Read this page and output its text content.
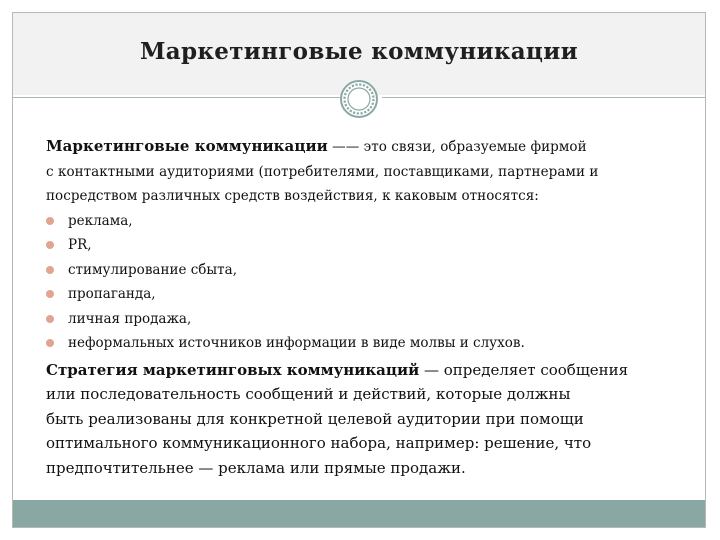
Маркетинговые коммуникации
Маркетинговые коммуникации —— это связи, образуемые фирмой
с контактными аудиториями (потребителями, поставщиками, партнерами и
посредством различных средств воздействия, к каковым относятся:
реклама,
PR,
стимулирование сбыта,
пропаганда,
личная продажа,
неформальных источников информации в виде молвы и слухов.
Стратегия маркетинговых коммуникаций — определяет сообщения
или последовательность сообщений и действий, которые должны
быть реализованы для конкретной целевой аудитории при помощи
оптимального коммуникационного набора, например: решение, что
предпочтительнее — реклама или прямые продажи.
